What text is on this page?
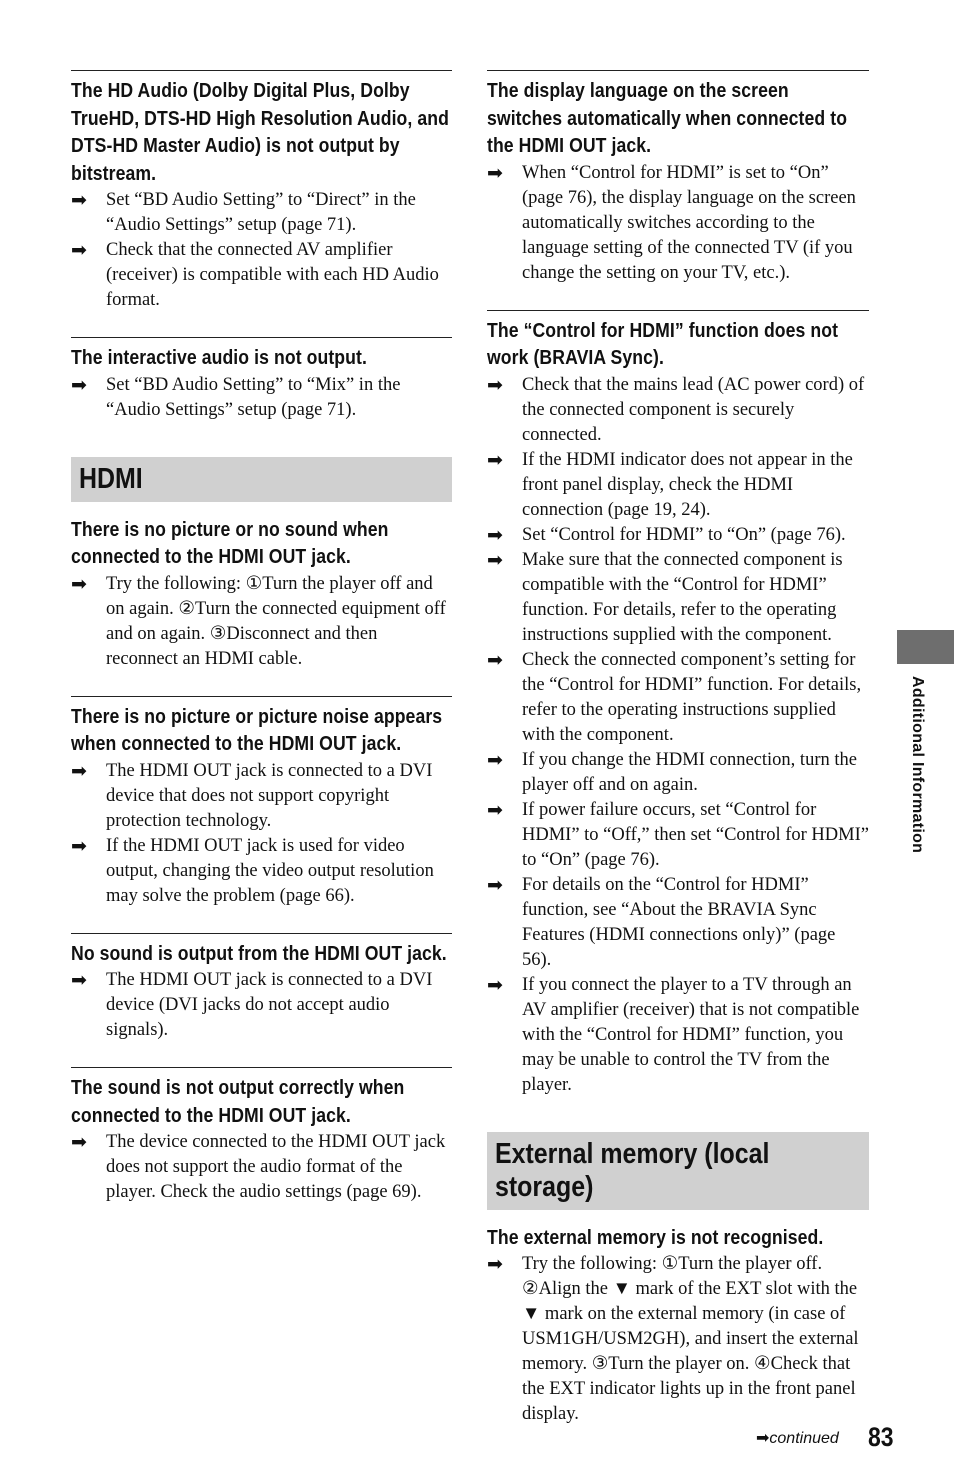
The HD Audio (Dolby Digital Plus, Dolby TrueHD, DTS-HD High Resolution Audio, and DTS-HD Master Audio) is not output by bitstream.
➡	Set “BD Audio Setting” to “Direct” in the “Audio Settings” setup (page 71).
➡	Check that the connected AV amplifier (receiver) is compatible with each HD Audio format.
The interactive audio is not output.
➡	Set “BD Audio Setting” to “Mix” in the “Audio Settings” setup (page 71).
HDMI
There is no picture or no sound when connected to the HDMI OUT jack.
➡	Try the following: ①Turn the player off and on again. ②Turn the connected equipment off and on again. ③Disconnect and then reconnect an HDMI cable.
There is no picture or picture noise appears when connected to the HDMI OUT jack.
➡	The HDMI OUT jack is connected to a DVI device that does not support copyright protection technology.
➡	If the HDMI OUT jack is used for video output, changing the video output resolution may solve the problem (page 66).
No sound is output from the HDMI OUT jack.
➡	The HDMI OUT jack is connected to a DVI device (DVI jacks do not accept audio signals).
The sound is not output correctly when connected to the HDMI OUT jack.
➡	The device connected to the HDMI OUT jack does not support the audio format of the player. Check the audio settings (page 69).
The display language on the screen switches automatically when connected to the HDMI OUT jack.
➡	When “Control for HDMI” is set to “On” (page 76), the display language on the screen automatically switches according to the language setting of the connected TV (if you change the setting on your TV, etc.).
The “Control for HDMI” function does not work (BRAVIA Sync).
➡	Check that the mains lead (AC power cord) of the connected component is securely connected.
➡	If the HDMI indicator does not appear in the front panel display, check the HDMI connection (page 19, 24).
➡	Set “Control for HDMI” to “On” (page 76).
➡	Make sure that the connected component is compatible with the “Control for HDMI” function. For details, refer to the operating instructions supplied with the component.
➡	Check the connected component’s setting for the “Control for HDMI” function. For details, refer to the operating instructions supplied with the component.
➡	If you change the HDMI connection, turn the player off and on again.
➡	If power failure occurs, set “Control for HDMI” to “Off,” then set “Control for HDMI” to “On” (page 76).
➡	For details on the “Control for HDMI” function, see “About the BRAVIA Sync Features (HDMI connections only)” (page 56).
➡	If you connect the player to a TV through an AV amplifier (receiver) that is not compatible with the “Control for HDMI” function, you may be unable to control the TV from the player.
External memory (local storage)
The external memory is not recognised.
➡	Try the following: ①Turn the player off. ②Align the ▼ mark of the EXT slot with the ▼ mark on the external memory (in case of USM1GH/USM2GH), and insert the external memory. ③Turn the player on. ④Check that the EXT indicator lights up in the front panel display.
Additional Information
➡continued 83
